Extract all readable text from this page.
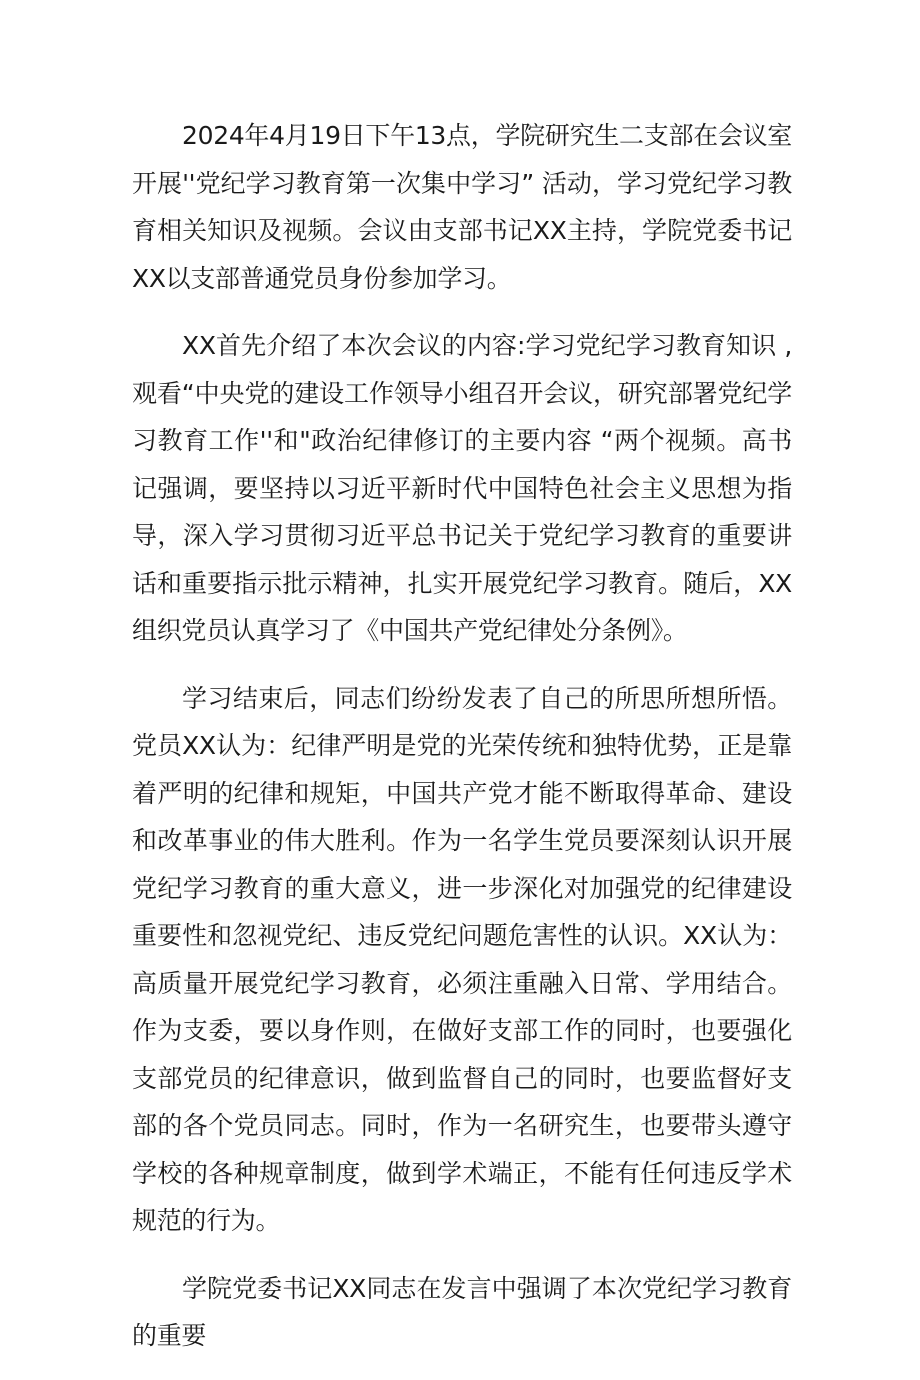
2024年4月19日下午13点，学院研究生二支部在会议室开展''党纪学习教育第一次集中学习” 活动，学习党纪学习教育相关知识及视频。会议由支部书记XX主持，学院党委书记XX以支部普通党员身份参加学习。

XX首先介绍了本次会议的内容:学习党纪学习教育知识 ,观看“中央党的建设工作领导小组召开会议，研究部署党纪学习教育工作''和"政治纪律修订的主要内容 “两个视频。高书记强调，要坚持以习近平新时代中国特色社会主义思想为指导，深入学习贯彻习近平总书记关于党纪学习教育的重要讲话和重要指示批示精神，扎实开展党纪学习教育。随后，XX组织党员认真学习了《中国共产党纪律处分条例》。

学习结束后，同志们纷纷发表了自己的所思所想所悟。党员XX认为：纪律严明是党的光荣传统和独特优势，正是靠着严明的纪律和规矩，中国共产党才能不断取得革命、建设和改革事业的伟大胜利。作为一名学生党员要深刻认识开展党纪学习教育的重大意义，进一步深化对加强党的纪律建设重要性和忽视党纪、违反党纪问题危害性的认识。XX认为：高质量开展党纪学习教育，必须注重融入日常、学用结合。作为支委，要以身作则，在做好支部工作的同时，也要强化支部党员的纪律意识，做到监督自己的同时，也要监督好支部的各个党员同志。同时，作为一名研究生，也要带头遵守学校的各种规章制度，做到学术端正，不能有任何违反学术规范的行为。

学院党委书记XX同志在发言中强调了本次党纪学习教育的重要
